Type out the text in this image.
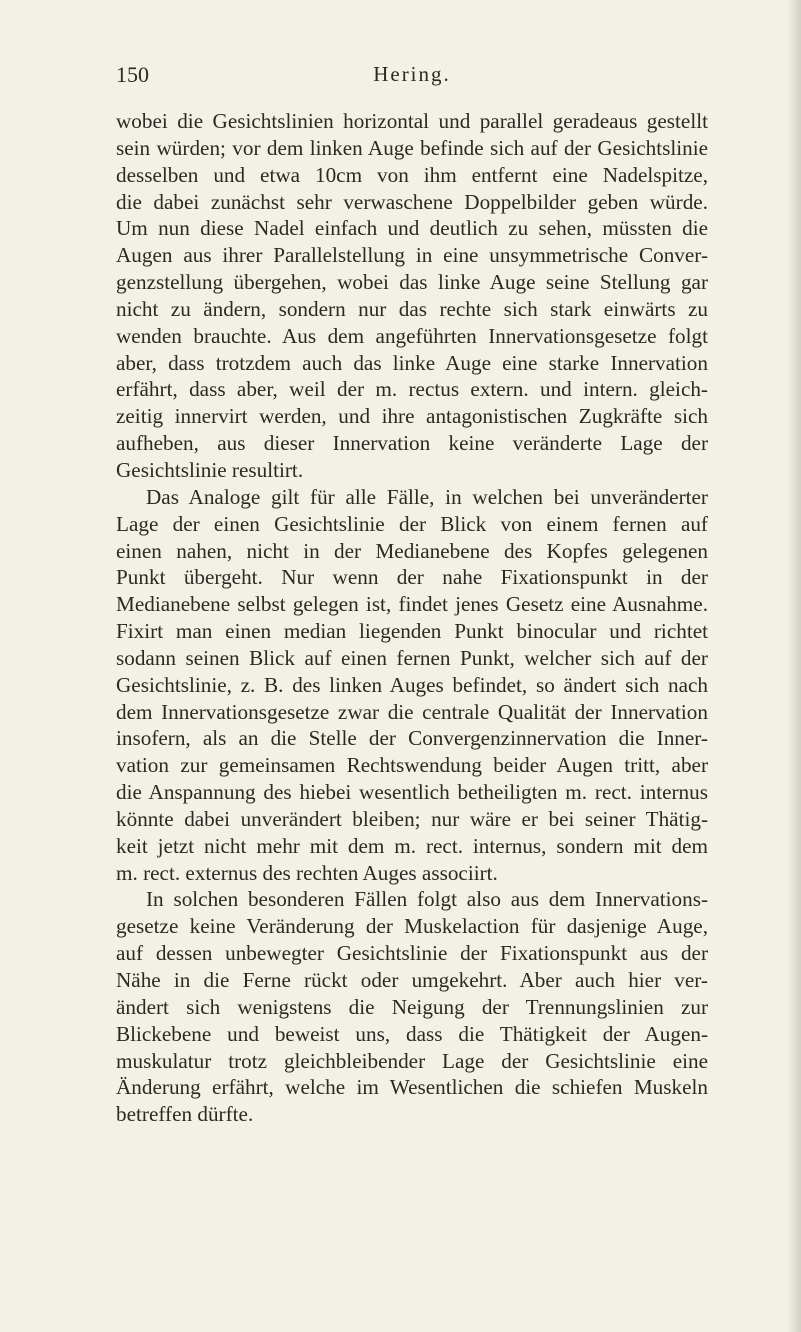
150	Hering.
wobei die Gesichtslinien horizontal und parallel geradeaus gestellt
sein würden; vor dem linken Auge befinde sich auf der Gesichtslinie
desselben und etwa 10cm von ihm entfernt eine Nadelspitze,
die dabei zunächst sehr verwaschene Doppelbilder geben würde.
Um nun diese Nadel einfach und deutlich zu sehen, müssten die
Augen aus ihrer Parallelstellung in eine unsymmetrische Conver-
genzstellung übergehen, wobei das linke Auge seine Stellung gar
nicht zu ändern, sondern nur das rechte sich stark einwärts zu
wenden brauchte. Aus dem angeführten Innervationsgesetze folgt
aber, dass trotzdem auch das linke Auge eine starke Innervation
erfährt, dass aber, weil der m. rectus extern. und intern. gleich-
zeitig innervirt werden, und ihre antagonistischen Zugkräfte sich
aufheben, aus dieser Innervation keine veränderte Lage der
Gesichtslinie resultirt.
Das Analoge gilt für alle Fälle, in welchen bei unveränderter
Lage der einen Gesichtslinie der Blick von einem fernen auf
einen nahen, nicht in der Medianebene des Kopfes gelegenen
Punkt übergeht. Nur wenn der nahe Fixationspunkt in der
Medianebene selbst gelegen ist, findet jenes Gesetz eine Ausnahme.
Fixirt man einen median liegenden Punkt binocular und richtet
sodann seinen Blick auf einen fernen Punkt, welcher sich auf der
Gesichtslinie, z. B. des linken Auges befindet, so ändert sich nach
dem Innervationsgesetze zwar die centrale Qualität der Innervation
insofern, als an die Stelle der Convergenzinnervation die Inner-
vation zur gemeinsamen Rechtswendung beider Augen tritt, aber
die Anspannung des hiebei wesentlich betheiligten m. rect. internus
könnte dabei unverändert bleiben; nur wäre er bei seiner Thätig-
keit jetzt nicht mehr mit dem m. rect. internus, sondern mit dem
m. rect. externus des rechten Auges associirt.
In solchen besonderen Fällen folgt also aus dem Innervations-
gesetze keine Veränderung der Muskelaction für dasjenige Auge,
auf dessen unbewegter Gesichtslinie der Fixationspunkt aus der
Nähe in die Ferne rückt oder umgekehrt. Aber auch hier ver-
ändert sich wenigstens die Neigung der Trennungslinien zur
Blickebene und beweist uns, dass die Thätigkeit der Augen-
muskulatur trotz gleichbleibender Lage der Gesichtslinie eine
Änderung erfährt, welche im Wesentlichen die schiefen Muskeln
betreffen dürfte.
